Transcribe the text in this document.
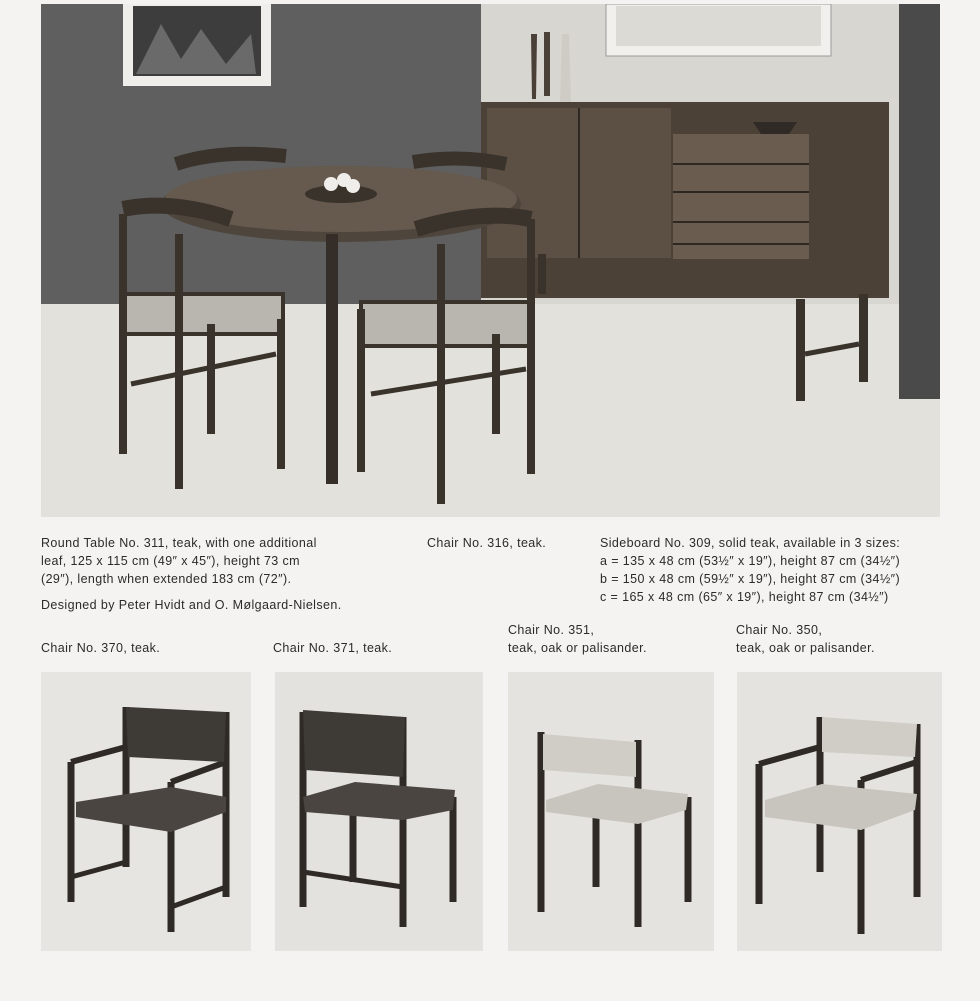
Round Table No. 311, teak, with one additional

leaf, 125 x 115 cm (49″ x 45″), height 73 cm

(29″), length when extended 183 cm (72″).

Designed by Peter Hvidt and O. Mølgaard-Nielsen.

Chair No. 316, teak.	Sideboard No. 309, solid teak, available in 3 sizes:

a = 135 x 48 cm (53½″ x 19″), height 87 cm (34½″)

b = 150 x 48 cm (59½″ x 19″), height 87 cm (34½″)

c = 165 x 48 cm (65″ x 19″), height 87 cm (34½″)

Chair No. 370, teak.	Chair No. 371, teak.

Chair No. 351,

teak, oak or palisander.

Chair No. 350,

teak, oak or palisander.
